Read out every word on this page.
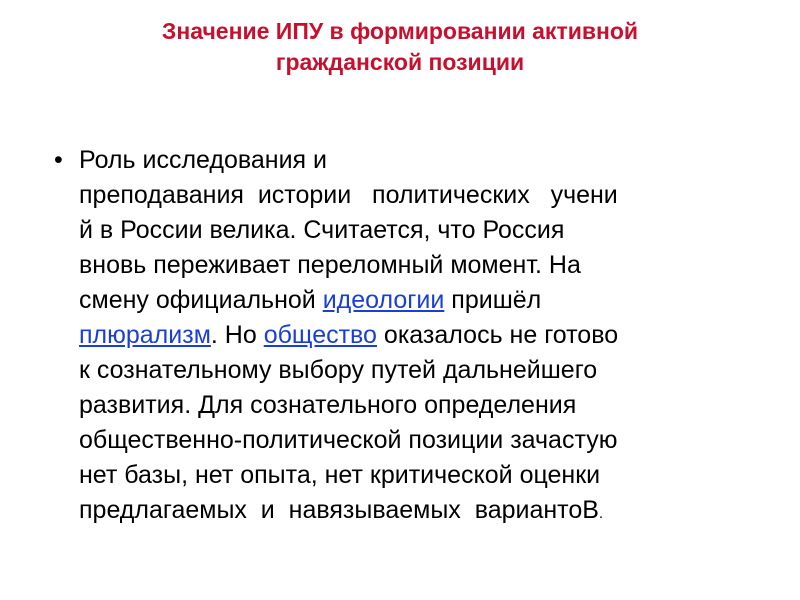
Значение ИПУ в формировании активной
гражданской позиции
• Роль исследования и
преподавания  истории   политических   учени
й в России велика. Считается, что Россия
вновь переживает переломный момент. На
смену официальной идеологии пришёл
плюрализм. Но общество оказалось не готово
к сознательному выбору путей дальнейшего
развития. Для сознательного определения
общественно-политической позиции зачастую
нет базы, нет опыта, нет критической оценки
предлагаемых  и  навязываемых  вариантоВ.
